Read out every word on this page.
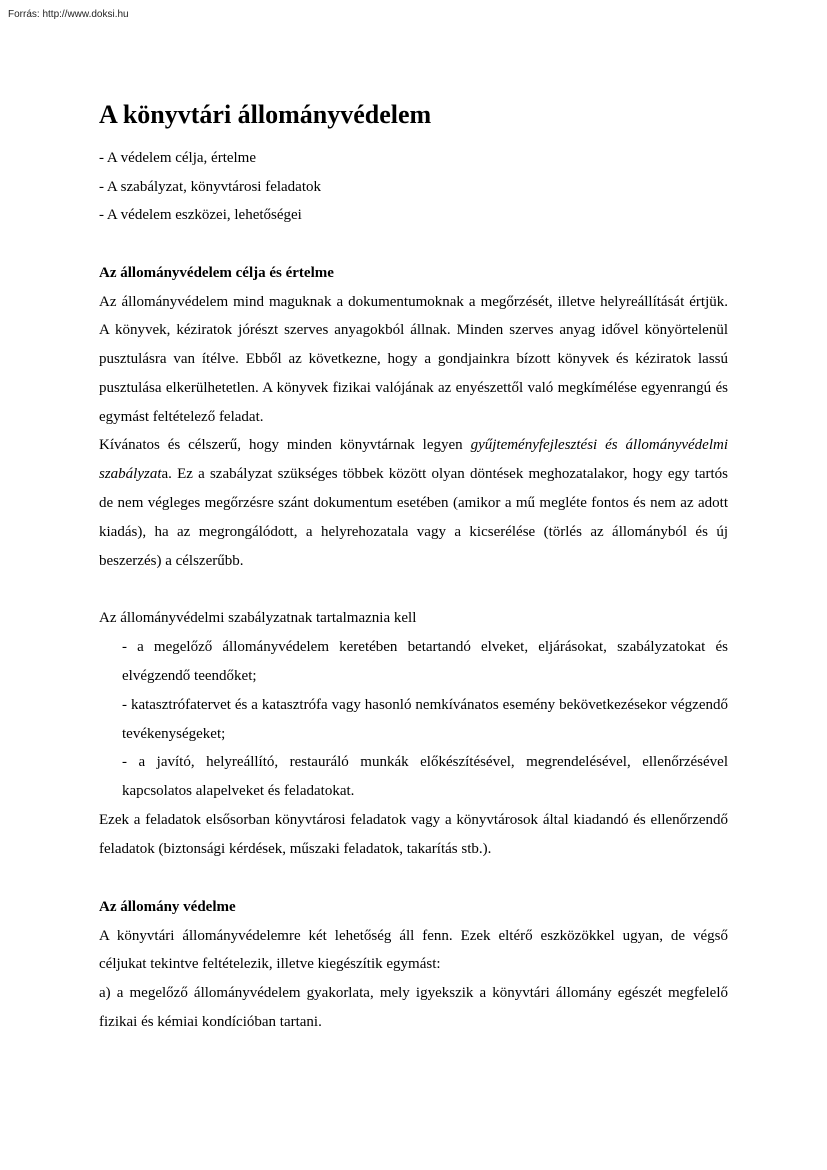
Forrás: http://www.doksi.hu
A könyvtári állományvédelem
- A védelem célja, értelme
- A szabályzat, könyvtárosi feladatok
- A védelem eszközei, lehetőségei
Az állományvédelem célja és értelme

Az állományvédelem mind maguknak a dokumentumoknak a megőrzését, illetve helyreállítását értjük. A könyvek, kéziratok jórészt szerves anyagokból állnak. Minden szerves anyag idővel könyörtelenül pusztulásra van ítélve. Ebből az következne, hogy a gondjainkra bízott könyvek és kéziratok lassú pusztulása elkerülhetetlen. A könyvek fizikai valójának az enyészettől való megkímélése egyenrangú és egymást feltételező feladat.

Kívánatos és célszerű, hogy minden könyvtárnak legyen gyűjteményfejlesztési és állományvédelmi szabályzata. Ez a szabályzat szükséges többek között olyan döntések meghozatalakor, hogy egy tartós de nem végleges megőrzésre szánt dokumentum esetében (amikor a mű megléte fontos és nem az adott kiadás), ha az megrongálódott, a helyrehozatala vagy a kicserélése (törlés az állományból és új beszerzés) a célszerűbb.

Az állományvédelmi szabályzatnak tartalmaznia kell

- a megelőző állományvédelem keretében betartandó elveket, eljárásokat, szabályzatokat és elvégzendő teendőket;
- katasztrófatervet és a katasztrófa vagy hasonló nemkívánatos esemény bekövetkezésekor végzendő tevékenységeket;
- a javító, helyreállító, restauráló munkák előkészítésével, megrendelésével, ellenőrzésével kapcsolatos alapelveket és feladatokat.

Ezek a feladatok elsősorban könyvtárosi feladatok vagy a könyvtárosok által kiadandó és ellenőrzendő feladatok (biztonsági kérdések, műszaki feladatok, takarítás stb.).

Az állomány védelme

A könyvtári állományvédelemre két lehetőség áll fenn. Ezek eltérő eszközökkel ugyan, de végső céljukat tekintve feltételezik, illetve kiegészítik egymást:

a) a megelőző állományvédelem gyakorlata, mely igyekszik a könyvtári állomány egészét megfelelő fizikai és kémiai kondícióban tartani.
